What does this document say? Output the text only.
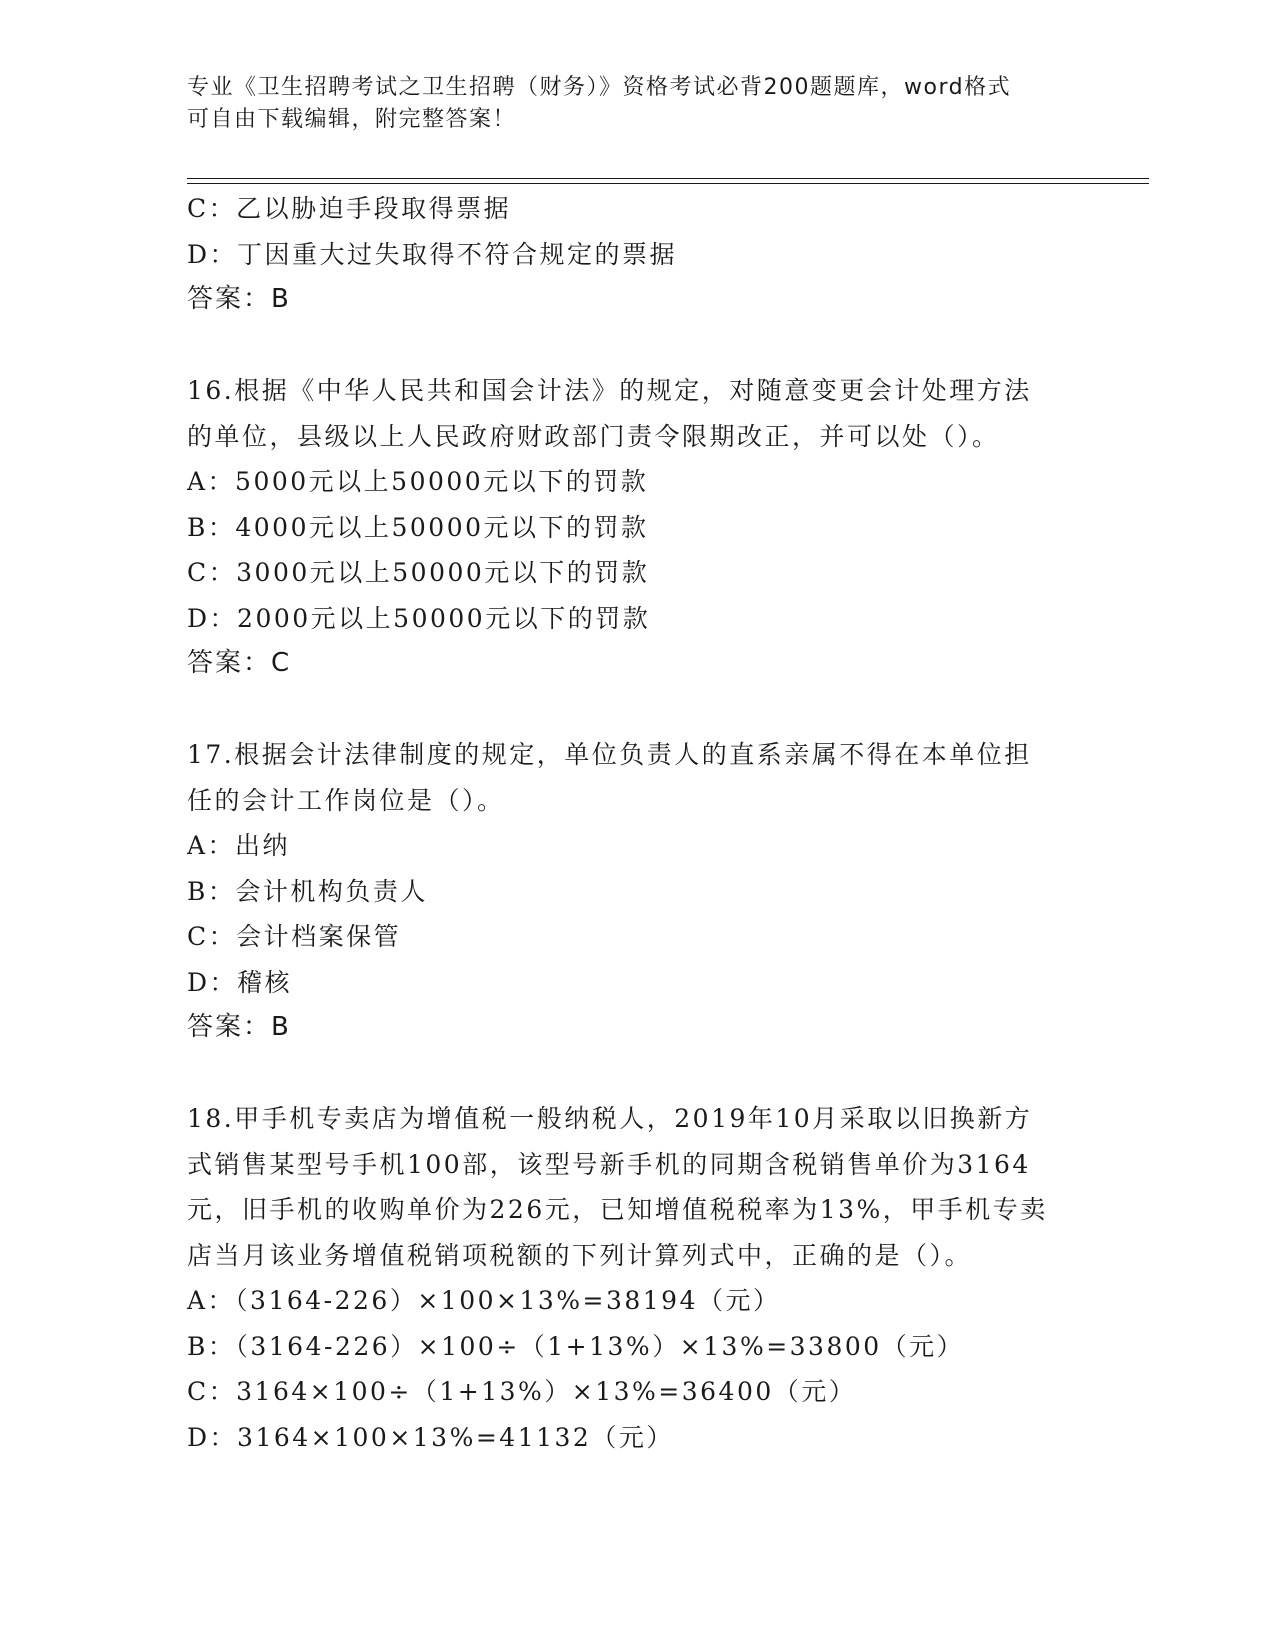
专业《卫生招聘考试之卫生招聘（财务）》资格考试必背200题题库，word格式
可自由下载编辑，附完整答案！
C：乙以胁迫手段取得票据
D：丁因重大过失取得不符合规定的票据
答案：B
16.根据《中华人民共和国会计法》的规定，对随意变更会计处理方法
的单位，县级以上人民政府财政部门责令限期改正，并可以处（）。
A：5000元以上50000元以下的罚款
B：4000元以上50000元以下的罚款
C：3000元以上50000元以下的罚款
D：2000元以上50000元以下的罚款
答案：C
17.根据会计法律制度的规定，单位负责人的直系亲属不得在本单位担
任的会计工作岗位是（）。
A：出纳
B：会计机构负责人
C：会计档案保管
D：稽核
答案：B
18.甲手机专卖店为增值税一般纳税人，2019年10月采取以旧换新方
式销售某型号手机100部，该型号新手机的同期含税销售单价为3164
元，旧手机的收购单价为226元，已知增值税税率为13%，甲手机专卖
店当月该业务增值税销项税额的下列计算列式中，正确的是（）。
A：（3164-226）×100×13%=38194（元）
B：（3164-226）×100÷（1+13%）×13%=33800（元）
C：3164×100÷（1+13%）×13%=36400（元）
D：3164×100×13%=41132（元）
